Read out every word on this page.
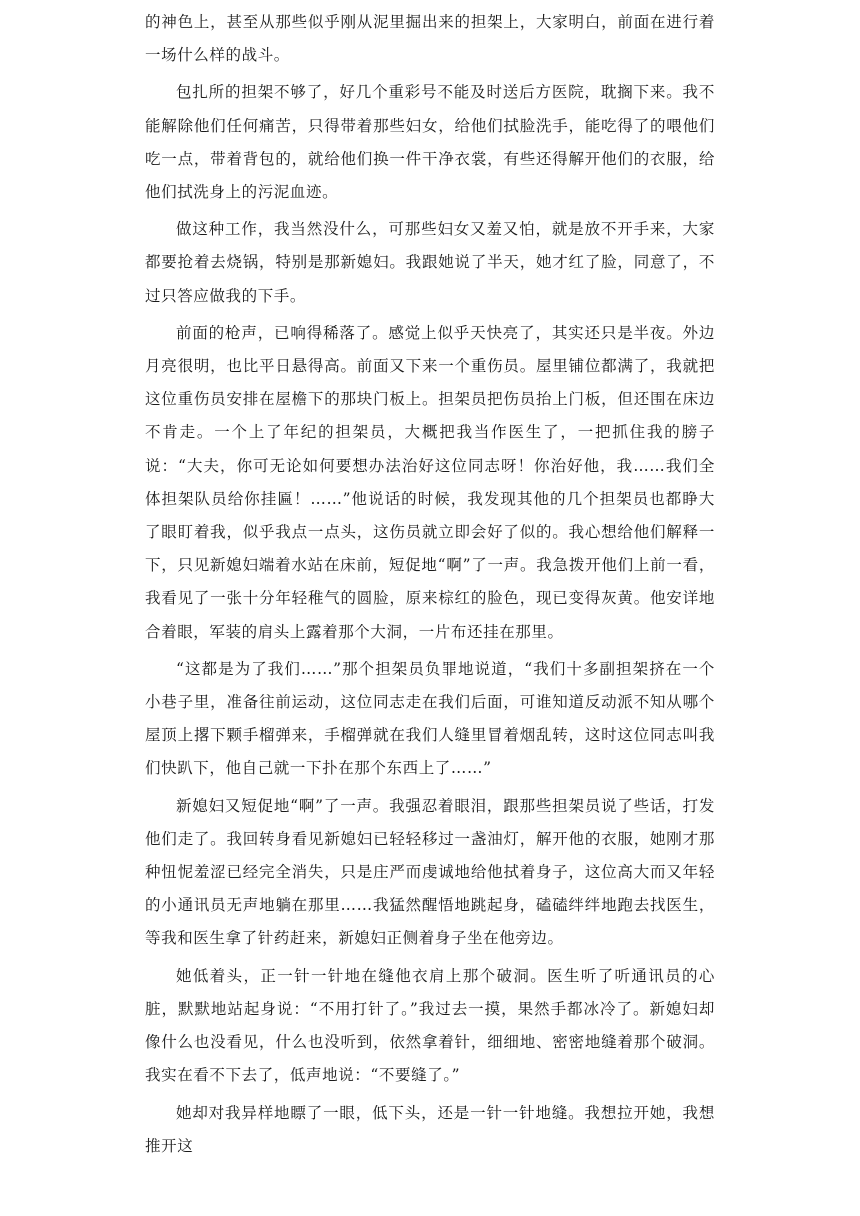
的神色上，甚至从那些似乎刚从泥里掘出来的担架上，大家明白，前面在进行着一场什么样的战斗。

包扎所的担架不够了，好几个重彩号不能及时送后方医院，耽搁下来。我不能解除他们任何痛苦，只得带着那些妇女，给他们拭脸洗手，能吃得了的喂他们吃一点，带着背包的，就给他们换一件干净衣裳，有些还得解开他们的衣服，给他们拭洗身上的污泥血迹。

做这种工作，我当然没什么，可那些妇女又羞又怕，就是放不开手来，大家都要抢着去烧锅，特别是那新媳妇。我跟她说了半天，她才红了脸，同意了，不过只答应做我的下手。

前面的枪声，已响得稀落了。感觉上似乎天快亮了，其实还只是半夜。外边月亮很明，也比平日悬得高。前面又下来一个重伤员。屋里铺位都满了，我就把这位重伤员安排在屋檐下的那块门板上。担架员把伤员抬上门板，但还围在床边不肯走。一个上了年纪的担架员，大概把我当作医生了，一把抓住我的膀子说：“大夫，你可无论如何要想办法治好这位同志呀！你治好他，我……我们全体担架队员给你挂匾！……”他说话的时候，我发现其他的几个担架员也都睁大了眼盯着我，似乎我点一点头，这伤员就立即会好了似的。我心想给他们解释一下，只见新媳妇端着水站在床前，短促地“啊”了一声。我急拨开他们上前一看，我看见了一张十分年轻稚气的圆脸，原来棕红的脸色，现已变得灰黄。他安详地合着眼，军装的肩头上露着那个大洞，一片布还挂在那里。

“这都是为了我们……”那个担架员负罪地说道，“我们十多副担架挤在一个小巷子里，准备往前运动，这位同志走在我们后面，可谁知道反动派不知从哪个屋顶上撂下颗手榴弹来，手榴弹就在我们人缝里冒着烟乱转，这时这位同志叫我们快趴下，他自己就一下扑在那个东西上了……”

新媳妇又短促地“啊”了一声。我强忍着眼泪，跟那些担架员说了些话，打发他们走了。我回转身看见新媳妇已轻轻移过一盏油灯，解开他的衣服，她刚才那种忸怩羞涩已经完全消失，只是庄严而虔诚地给他拭着身子，这位高大而又年轻的小通讯员无声地躺在那里……我猛然醒悟地跳起身，磕磕绊绊地跑去找医生，等我和医生拿了针药赶来，新媳妇正侧着身子坐在他旁边。

她低着头，正一针一针地在缝他衣肩上那个破洞。医生听了听通讯员的心脏，默默地站起身说：“不用打针了。”我过去一摸，果然手都冰冷了。新媳妇却像什么也没看见，什么也没听到，依然拿着针，细细地、密密地缝着那个破洞。我实在看不下去了，低声地说：“不要缝了。”

她却对我异样地瞟了一眼，低下头，还是一针一针地缝。我想拉开她，我想推开这
